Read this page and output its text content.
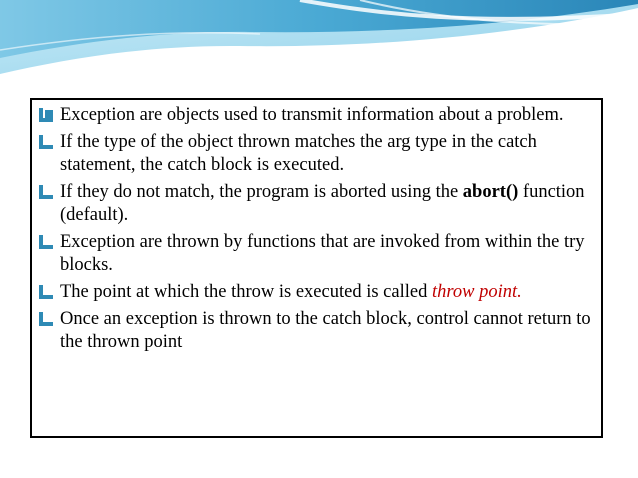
Exception are objects used to transmit information about a problem.
If the type of the object thrown matches the arg type in the catch statement, the catch block is executed.
If they do not match, the program is aborted using the abort() function (default).
Exception are thrown by functions that are invoked from within the try blocks.
The point at which the throw is executed is called throw point.
Once an exception is thrown to the catch block, control cannot return to the thrown point
